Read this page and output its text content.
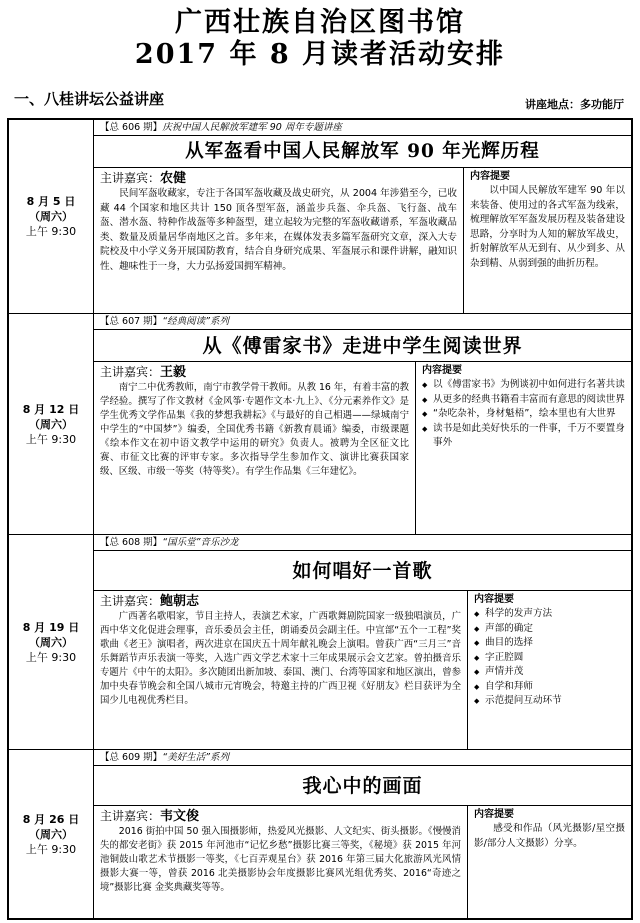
广西壮族自治区图书馆
2017 年 8 月读者活动安排
一、八桂讲坛公益讲座	讲座地点：多功能厅
8 月 5 日
（周六）
上午 9:30
【总 606 期】庆祝中国人民解放军建军 90 周年专题讲座
从军盔看中国人民解放军 90 年光辉历程
主讲嘉宾：农健

民间军盔收藏家，专注于各国军盔收藏及战史研究，从 2004 年涉猎至今，已收藏 44 个国家和地区共计 150 顶各型军盔，涵盖步兵盔、伞兵盔、飞行盔、战车盔、潜水盔、特种作战盔等多种盔型，建立起较为完整的军盔收藏谱系，军盔收藏品类、数量及质量居华南地区之首。多年来，在媒体发表多篇军盔研究文章，深入大专院校及中小学义务开展国防教育，结合自身研究成果、军盔展示和课件讲解，融知识性、趣味性于一身，大力弘扬爱国拥军精神。

内容提要

以中国人民解放军建军 90 年以来装备、使用过的各式军盔为线索，梳理解放军军盔发展历程及装备建设思路，分享时为人知的解放军战史，折射解放军从无到有、从少到多、从杂到精、从弱到强的曲折历程。

8 月 12 日
（周六）
上午 9:30
【总 607 期】“经典阅读”系列
从《傅雷家书》走进中学生阅读世界
主讲嘉宾：王毅

南宁二中优秀教师，南宁市教学骨干教师。从教 16 年，有着丰富的教学经验。撰写了作文教材《金风筝·专题作文本·九上》、《分元素养作文》是学生优秀文学作品集《我的梦想我耕耘》《与最好的自己相遇——绿城南宁中学生的“中国梦”》编委，全国优秀书籍《新教育晨诵》编委，市级课题《绘本作文在初中语文教学中运用的研究》负责人。被聘为全区征文比赛、市征文比赛的评审专家。多次指导学生参加作文、演讲比赛获国家级、区级、市级一等奖（特等奖）。有学生作品集《三年建忆》。

内容提要
◆ 以《傅雷家书》为例谈初中如何进行名著共读
◆ 从更多的经典书籍看丰富而有意思的阅读世界
◆ “杂吃杂补，身材魁梧”，绘本里也有大世界
◆ 读书是如此美好快乐的一件事，千万不要置身事外
8 月 19 日
（周六）
上午 9:30
【总 608 期】“国乐堂”音乐沙龙
如何唱好一首歌
主讲嘉宾：鲍朝志

广西著名歌唱家，节目主持人，表演艺术家，广西歌舞剧院国家一级独唱演员，广西中华文化促进会理事，音乐委员会主任，朗诵委员会副主任。中宣部“五个一工程”奖歌曲《老王》演唱者，两次进京在国庆五十周年献礼晚会上演唱。曾获广西“三月三”音乐舞蹈节声乐表演一等奖，入选广西文学艺术家十三年成果展示会文艺家。曾拍摄音乐专题片《中午的太阳》。多次随团出新加坡、泰国、澳门、台湾等国家和地区演出，曾参加中央春节晚会和全国八城市元宵晚会，特邀主持的广西卫视《好朋友》栏目获评为全国少儿电视优秀栏目。

内容提要
◆ 科学的发声方法
◆ 声部的确定
◆ 曲目的选择
◆ 字正腔圆
◆ 声情并茂
◆ 自学和拜师
◆ 示范提问互动环节
8 月 26 日
（周六）
上午 9:30
【总 609 期】“美好生活”系列
我心中的画面
主讲嘉宾：韦文俊

2016 街拍中国 50 强入围摄影师，热爱风光摄影、人文纪实、街头摄影。《慢慢消失的都安老街》获 2015 年河池市“记忆乡愁”摄影比赛三等奖，《秘境》获 2015 年河池铜鼓山歌艺术节摄影一等奖，《七百弄观星台》获 2016 年第三届大化旅游风光风情摄影大赛一等，曾获 2016 北美摄影协会年度摄影比赛风光组优秀奖、2016“奇迹之境”摄影比赛 金奖典藏奖等等。

内容提要

感受和作品（风光摄影/星空摄影/部分人文摄影）分享。
